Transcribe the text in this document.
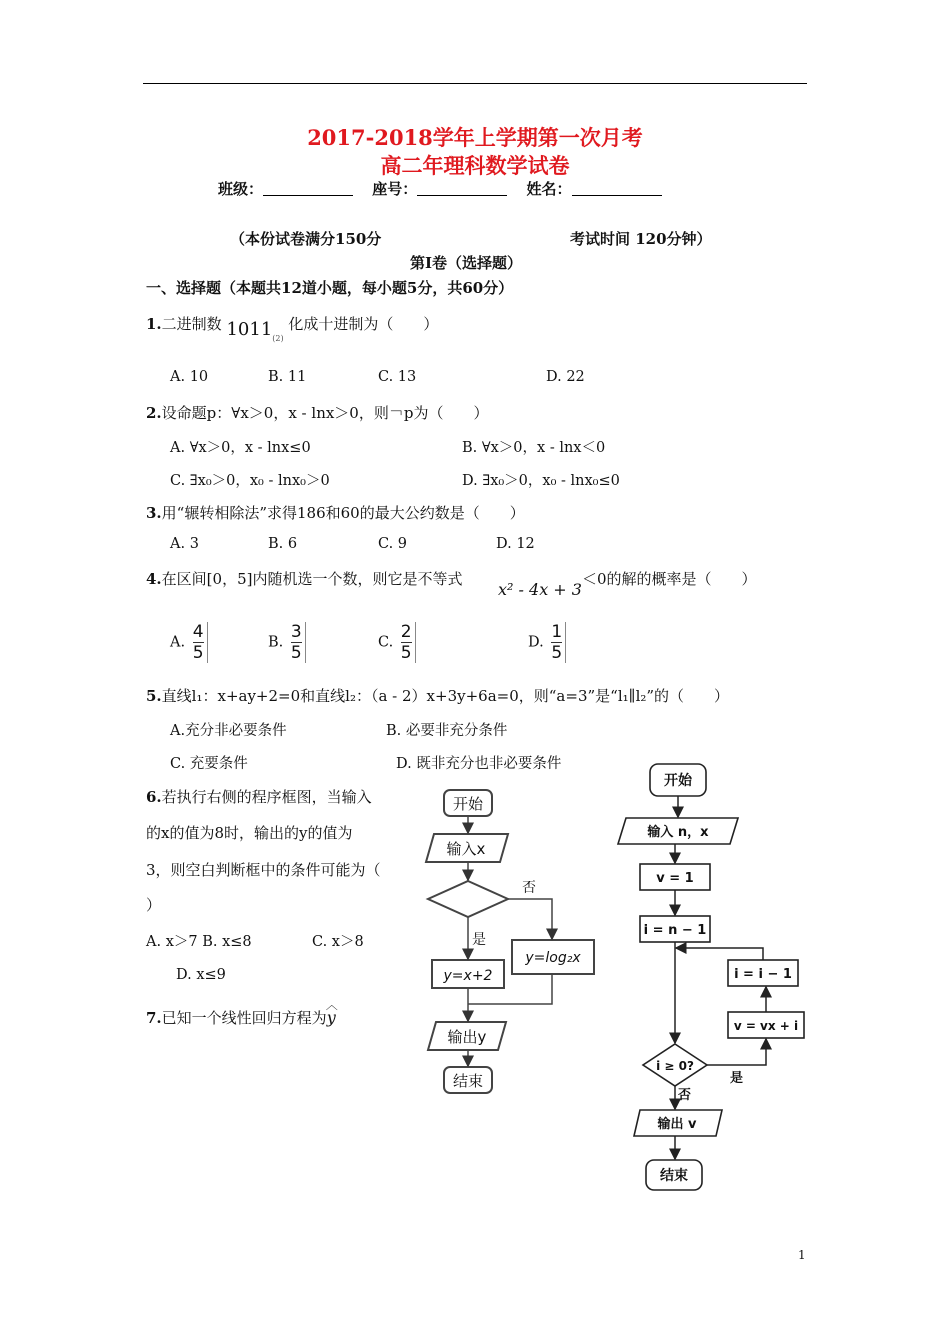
2017-2018学年上学期第一次月考
高二年理科数学试卷
班级：	座号：	姓名：
（本份试卷满分150分	考试时间 120分钟）
第Ⅰ卷（选择题）
一、选择题（本题共12道小题，每小题5分，共60分）
1.二进制数 $1011_{(2)}$ 化成十进制为（　　）
A. 10	B. 11	C. 13	D. 22
2.设命题p：∀x＞0，x - lnx＞0，则￢p为（　　）
A. ∀x＞0，x - lnx≤0	B. ∀x＞0，x - lnx＜0
C. ∃x₀＞0，x₀ - lnx₀＞0	D. ∃x₀＞0，x₀ - lnx₀≤0
3.用“辗转相除法”求得186和60的最大公约数是（　　）
A. 3	B. 6	C. 9	D. 12
4.在区间[0，5]内随机选一个数，则它是不等式
x² - 4x + 3
＜0的解的概率是（　　）
A. $\frac{4}{5}$	B. $\frac{3}{5}$	C. $\frac{2}{5}$	D. $\frac{1}{5}$
5.直线l₁：x+ay+2=0和直线l₂：（a - 2）x+3y+6a=0，则“a=3”是“l₁∥l₂”的（　　）
A.充分非必要条件	B. 必要非充分条件
C. 充要条件	D. 既非充分也非必要条件
6.若执行右侧的程序框图，当输入
的x的值为8时，输出的y的值为
3，则空白判断框中的条件可能为（
）
A. x＞7 B. x≤8	C. x＞8
D. x≤9
7.已知一个线性回归方程为
︿
y
开始
输入x
否
是
y=x+2
y=log₂x
输出y
结束
开始
输入 n，x
v = 1
i = n − 1
i = i − 1
v = vx + i
i ≥ 0?
是
否
输出 v
结束
1
